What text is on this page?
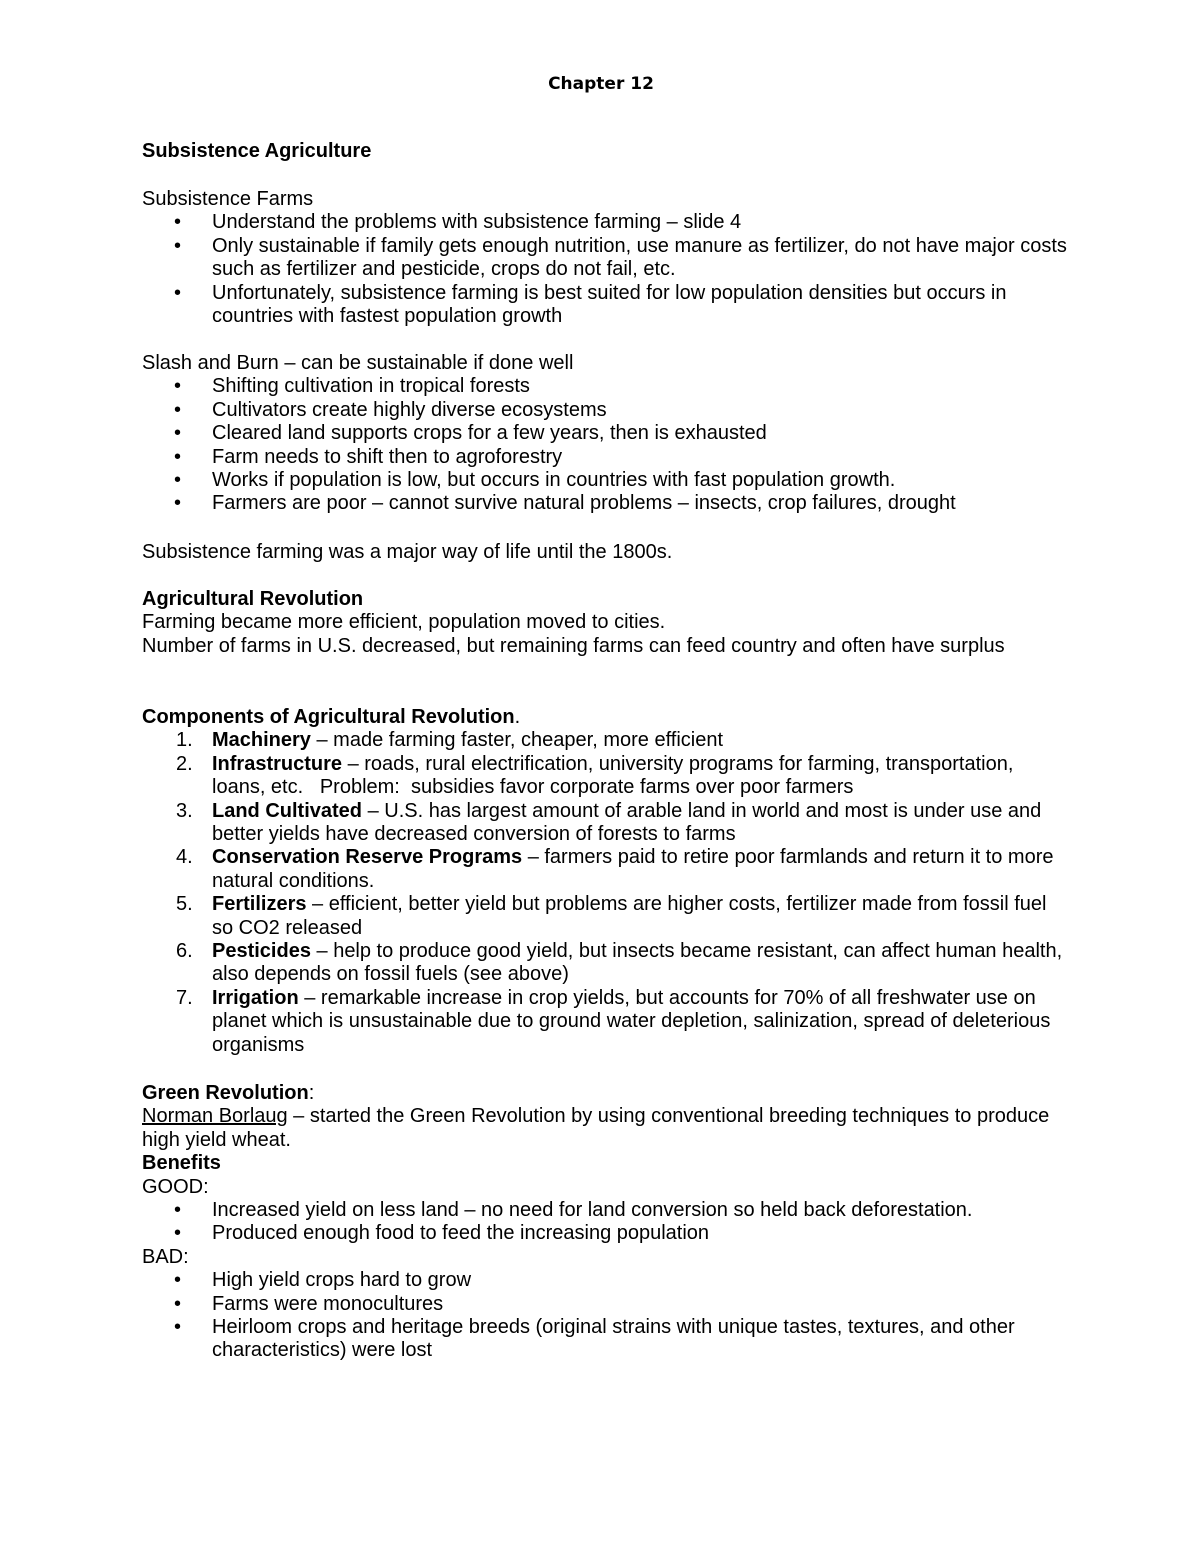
Chapter 12
Subsistence Agriculture

Subsistence Farms

• Understand the problems with subsistence farming – slide 4
• Only sustainable if family gets enough nutrition, use manure as fertilizer, do not have major costs such as fertilizer and pesticide, crops do not fail, etc.
• Unfortunately, subsistence farming is best suited for low population densities but occurs in countries with fastest population growth

Slash and Burn – can be sustainable if done well

• Shifting cultivation in tropical forests
• Cultivators create highly diverse ecosystems
• Cleared land supports crops for a few years, then is exhausted
• Farm needs to shift then to agroforestry
• Works if population is low, but occurs in countries with fast population growth.
• Farmers are poor – cannot survive natural problems – insects, crop failures, drought
Subsistence farming was a major way of life until the 1800s.

Agricultural Revolution

Farming became more efficient, population moved to cities.

Number of farms in U.S. decreased, but remaining farms can feed country and often have surplus

Components of Agricultural Revolution.

1. Machinery – made farming faster, cheaper, more efficient
2. Infrastructure – roads, rural electrification, university programs for farming, transportation, loans, etc.   Problem:  subsidies favor corporate farms over poor farmers
3. Land Cultivated – U.S. has largest amount of arable land in world and most is under use and better yields have decreased conversion of forests to farms
4. Conservation Reserve Programs – farmers paid to retire poor farmlands and return it to more natural conditions.
5. Fertilizers – efficient, better yield but problems are higher costs, fertilizer made from fossil fuel so CO2 released
6. Pesticides – help to produce good yield, but insects became resistant, can affect human health, also depends on fossil fuels (see above)
7. Irrigation – remarkable increase in crop yields, but accounts for 70% of all freshwater use on planet which is unsustainable due to ground water depletion, salinization, spread of deleterious organisms

Green Revolution:

Norman Borlaug – started the Green Revolution by using conventional breeding techniques to produce high yield wheat.

Benefits

GOOD:

• Increased yield on less land – no need for land conversion so held back deforestation.
• Produced enough food to feed the increasing population

BAD:

• High yield crops hard to grow
• Farms were monocultures
• Heirloom crops and heritage breeds (original strains with unique tastes, textures, and other characteristics) were lost
